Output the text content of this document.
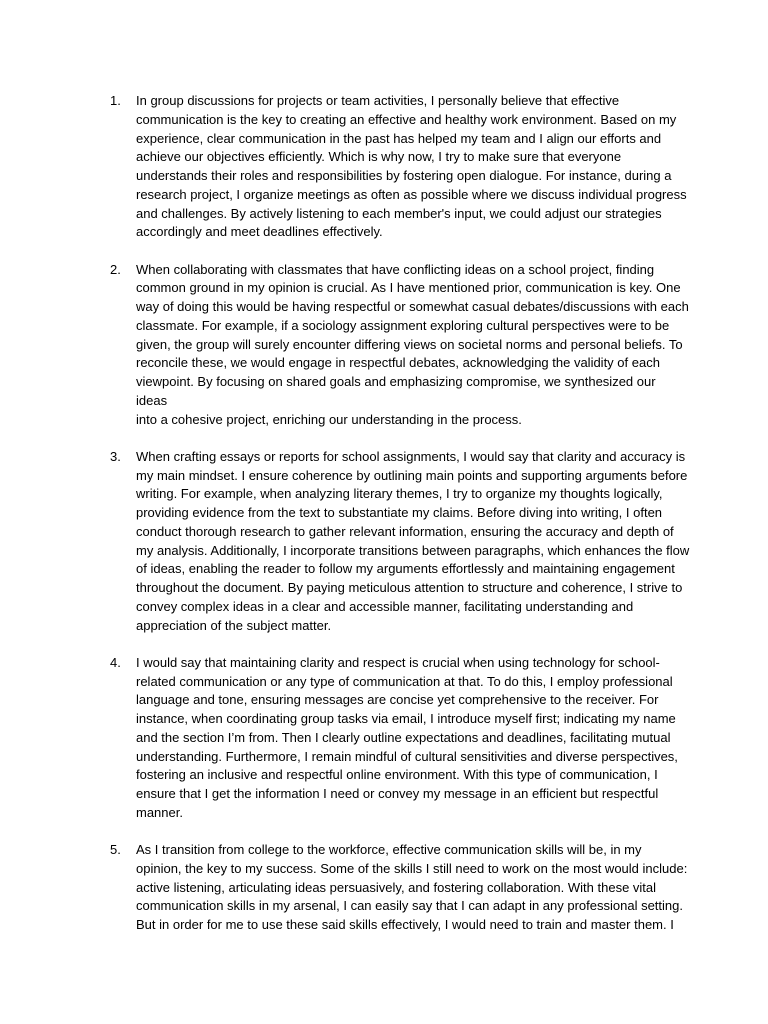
1.	In group discussions for projects or team activities, I personally believe that effective
communication is the key to creating an effective and healthy work environment. Based on my
experience, clear communication in the past has helped my team and I align our efforts and
achieve our objectives efficiently. Which is why now, I try to make sure that everyone
understands their roles and responsibilities by fostering open dialogue. For instance, during a
research project, I organize meetings as often as possible where we discuss individual progress
and challenges. By actively listening to each member's input, we could adjust our strategies
accordingly and meet deadlines effectively.
2.	When collaborating with classmates that have conflicting ideas on a school project, finding
common ground in my opinion is crucial. As I have mentioned prior, communication is key. One
way of doing this would be having respectful or somewhat casual debates/discussions with each
classmate. For example, if a sociology assignment exploring cultural perspectives were to be
given, the group will surely encounter differing views on societal norms and personal beliefs. To
reconcile these, we would engage in respectful debates, acknowledging the validity of each
viewpoint. By focusing on shared goals and emphasizing compromise, we synthesized our ideas
into a cohesive project, enriching our understanding in the process.
3.	When crafting essays or reports for school assignments, I would say that clarity and accuracy is
my main mindset. I ensure coherence by outlining main points and supporting arguments before
writing. For example, when analyzing literary themes, I try to organize my thoughts logically,
providing evidence from the text to substantiate my claims. Before diving into writing, I often
conduct thorough research to gather relevant information, ensuring the accuracy and depth of
my analysis. Additionally, I incorporate transitions between paragraphs, which enhances the flow
of ideas, enabling the reader to follow my arguments effortlessly and maintaining engagement
throughout the document. By paying meticulous attention to structure and coherence, I strive to
convey complex ideas in a clear and accessible manner, facilitating understanding and
appreciation of the subject matter.
4.	I would say that maintaining clarity and respect is crucial when using technology for school-
related communication or any type of communication at that. To do this, I employ professional
language and tone, ensuring messages are concise yet comprehensive to the receiver. For
instance, when coordinating group tasks via email, I introduce myself first; indicating my name
and the section I’m from. Then I clearly outline expectations and deadlines, facilitating mutual
understanding. Furthermore, I remain mindful of cultural sensitivities and diverse perspectives,
fostering an inclusive and respectful online environment. With this type of communication, I
ensure that I get the information I need or convey my message in an efficient but respectful
manner.
5.	As I transition from college to the workforce, effective communication skills will be, in my
opinion, the key to my success. Some of the skills I still need to work on the most would include:
active listening, articulating ideas persuasively, and fostering collaboration. With these vital
communication skills in my arsenal, I can easily say that I can adapt in any professional setting.
But in order for me to use these said skills effectively, I would need to train and master them. I
